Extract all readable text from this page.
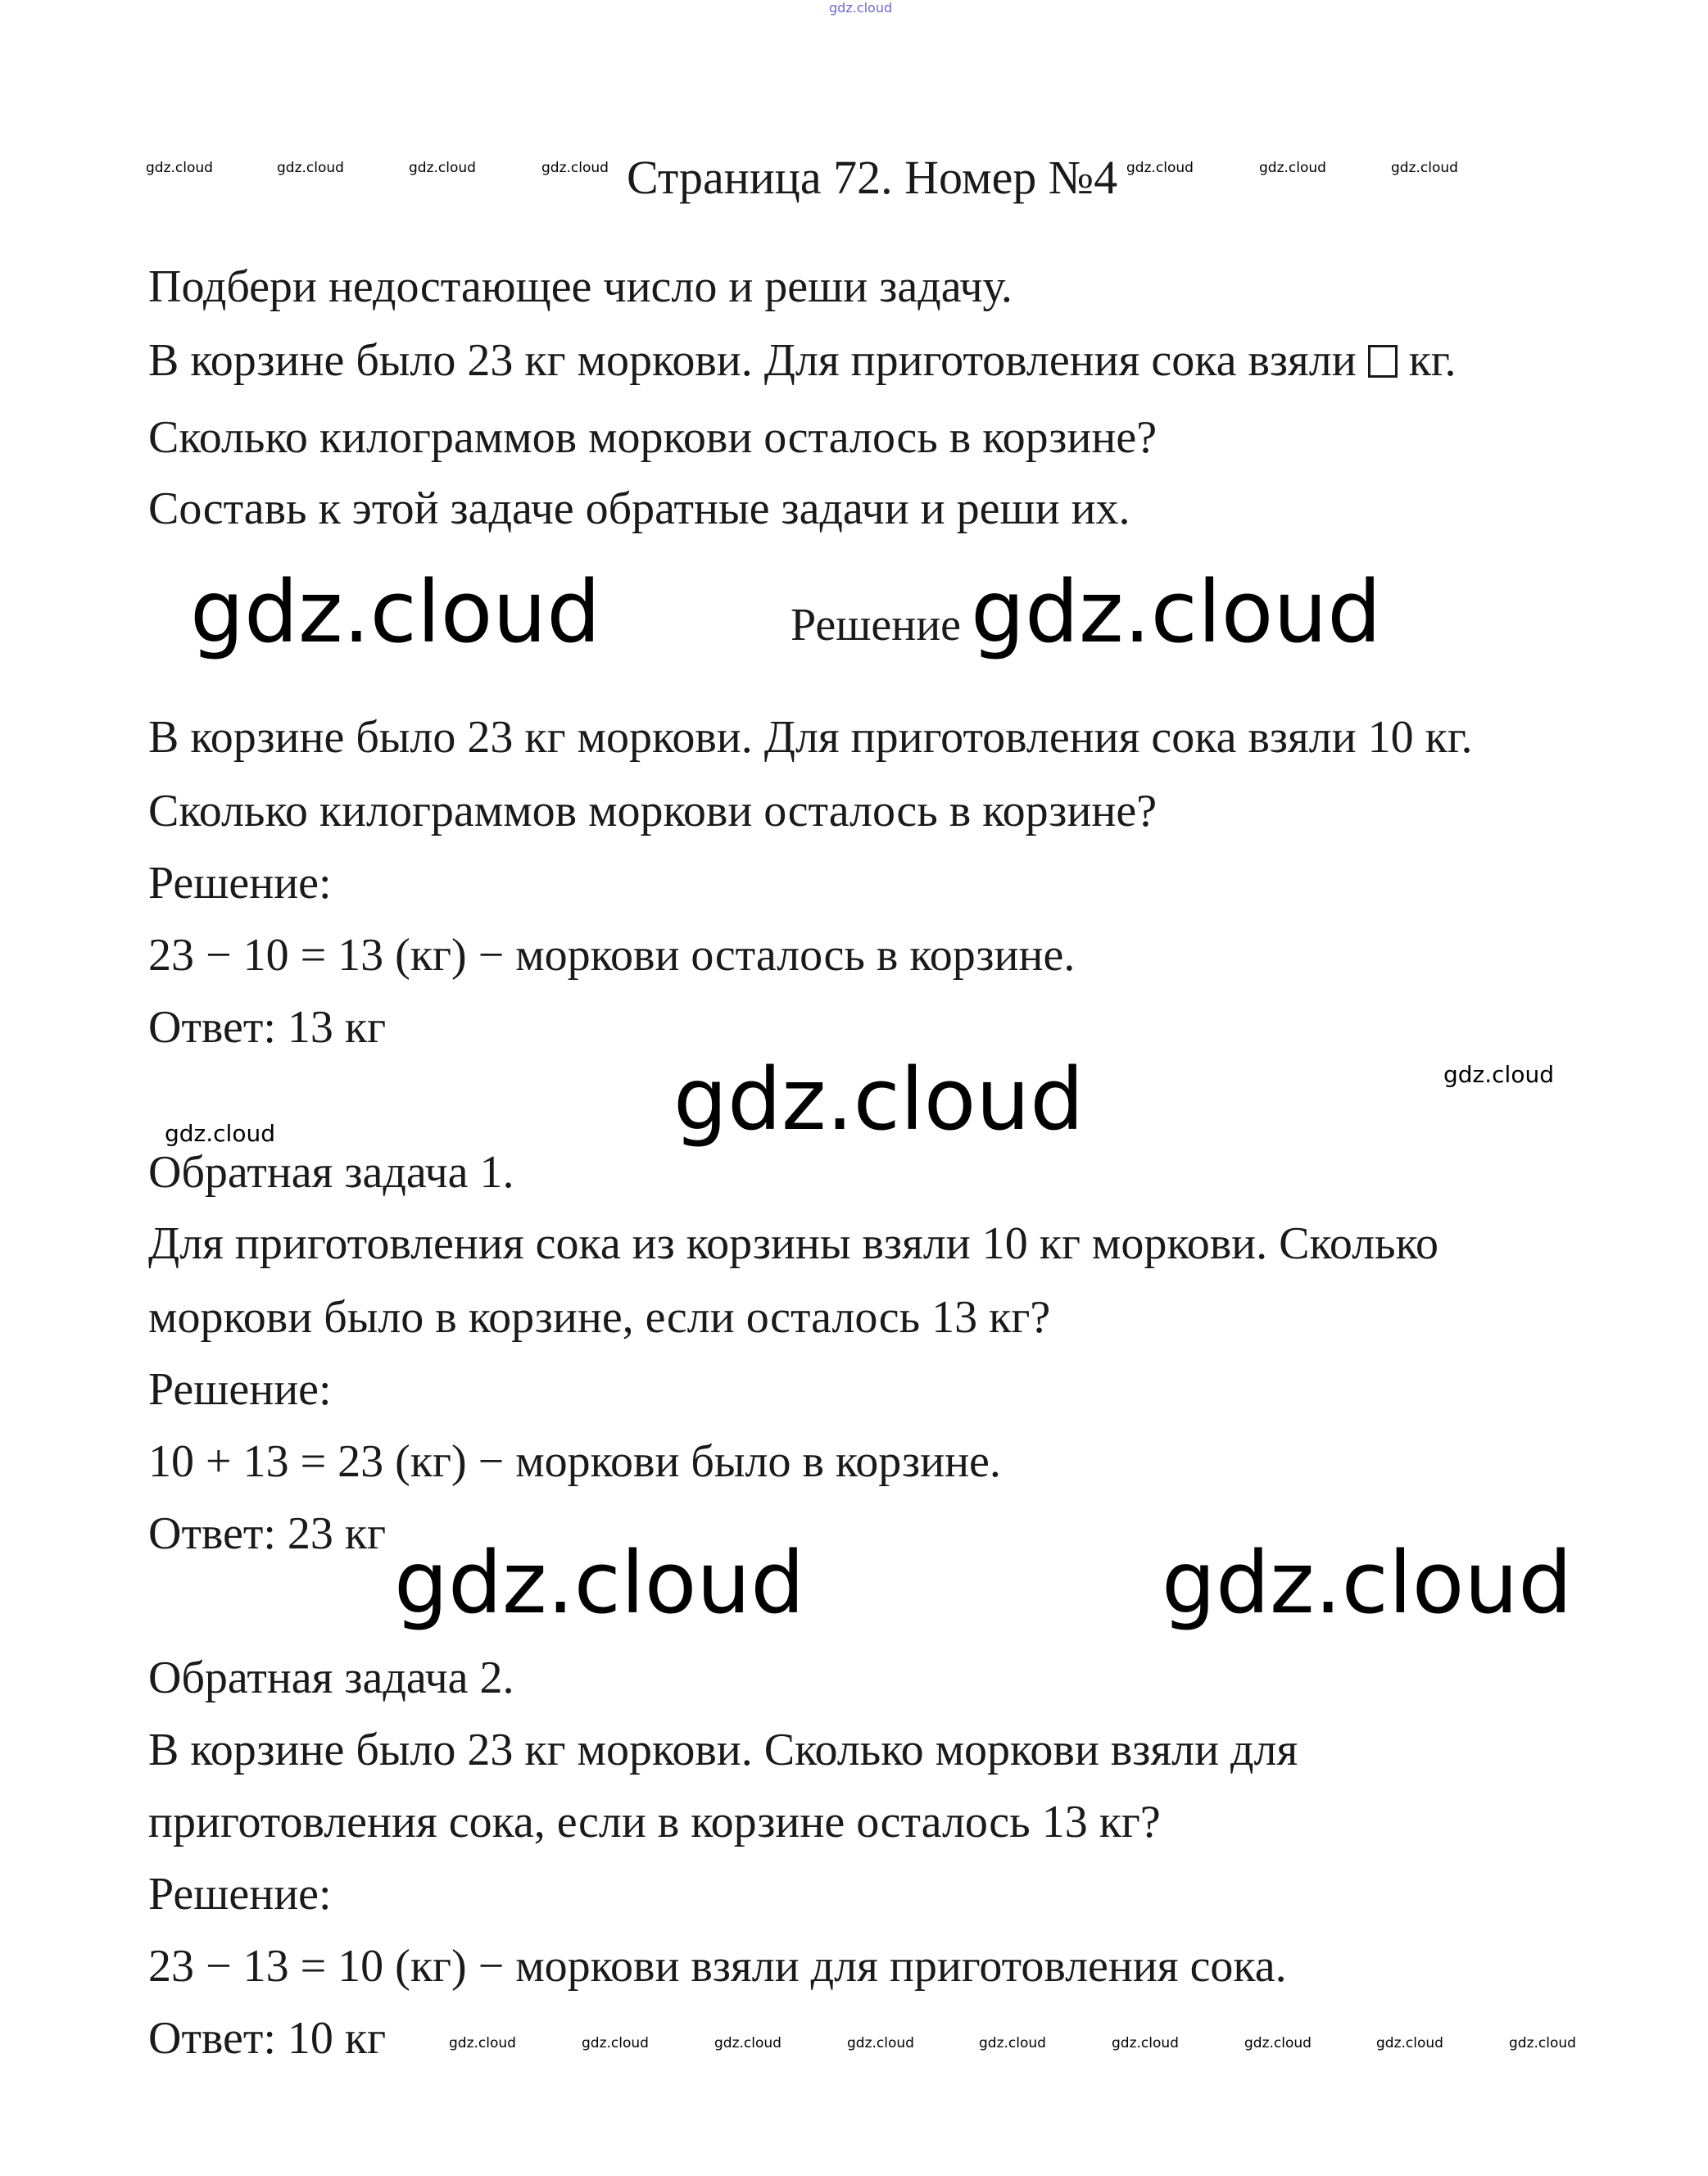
gdz.cloud
gdz.cloud	gdz.cloud	gdz.cloud	gdz.cloud	gdz.cloud	gdz.cloud	gdz.cloud
gdz.cloud	gdz.cloud
gdz.cloud
gdz.cloud
gdz.cloud
gdz.cloud	gdz.cloud
gdz.cloud	gdz.cloud	gdz.cloud	gdz.cloud	gdz.cloud	gdz.cloud	gdz.cloud	gdz.cloud	gdz.cloud
Страница 72. Номер №4
Подбери недостающее число и реши задачу.
В корзине было 23 кг моркови. Для приготовления сока взяли кг.
Сколько килограммов моркови осталось в корзине?
Составь к этой задаче обратные задачи и реши их.
Решение
В корзине было 23 кг моркови. Для приготовления сока взяли 10 кг.
Сколько килограммов моркови осталось в корзине?
Решение:
23 − 10 = 13 (кг) − моркови осталось в корзине.
Ответ: 13 кг
Обратная задача 1.
Для приготовления сока из корзины взяли 10 кг моркови. Сколько
моркови было в корзине, если осталось 13 кг?
Решение:
10 + 13 = 23 (кг) − моркови было в корзине.
Ответ: 23 кг
Обратная задача 2.
В корзине было 23 кг моркови. Сколько моркови взяли для
приготовления сока, если в корзине осталось 13 кг?
Решение:
23 − 13 = 10 (кг) − моркови взяли для приготовления сока.
Ответ: 10 кг
